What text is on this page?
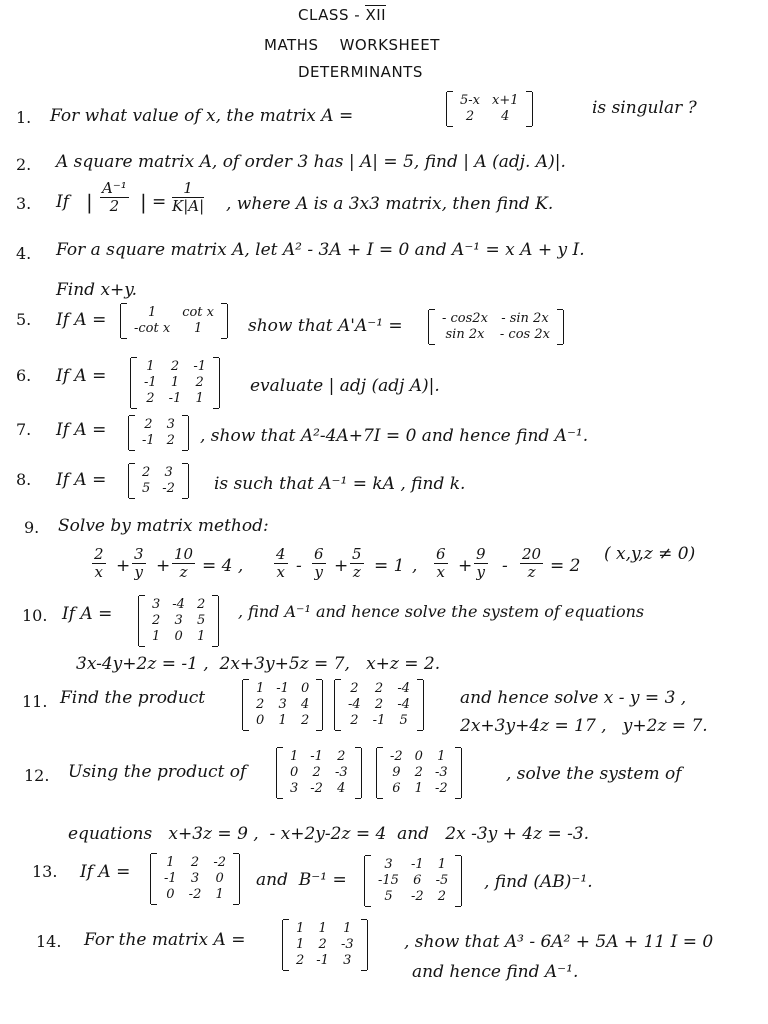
CLASS - XII
MATHS    WORKSHEET
DETERMINANTS
1. For what value of x, the matrix A =
5-x	x+1
2	4	is singular ?
2. A square matrix A, of order 3 has | A| = 5, find | A (adj. A)|.
3. If |
A⁻¹
2	| =
1
K|A| , where A is a 3x3 matrix, then find K.
4. For a square matrix A, let A² - 3A + I = 0 and A⁻¹ = x A + y I.
Find x+y.
5. If A =	1	cot x
-cot x	1	show that A'A⁻¹ =	- cos2x	- sin 2x
sin 2x	- cos 2x
6. If A =	1	2	-1
-1	1	2
2	-1	1
evaluate | adj (adj A)|.
7. If A =	2	3
-1	2 , show that A²-4A+7I = 0 and hence find A⁻¹.
8. If A =	2	3
5	-2 is such that A⁻¹ = kA , find k.
9. Solve by matrix method:
2
x +
3
y +
10
z = 4 ,
4
x -
6
y +
5
z = 1 ,
6
x +
9
y -
20
z = 2
( x,y,z ≠ 0)
10. If A =	3	-4	2
2	3	5
1	0	1
, find A⁻¹ and hence solve the system of equations
3x-4y+2z = -1 ,  2x+3y+5z = 7,   x+z = 2.
11. Find the product	1	-1	0
2	3	4
0	1	2
2	2	-4
-4	2	-4
2	-1	5
and hence solve x - y = 3 ,
2x+3y+4z = 17 ,   y+2z = 7.
12. Using the product of
1	-1	2
0	2	-3
3	-2	4
-2	0	1
9	2	-3
6	1	-2
, solve the system of
equations   x+3z = 9 ,  - x+2y-2z = 4  and   2x -3y + 4z = -3.
13. If A =	1	2	-2
-1	3	0
0	-2	1
and  B⁻¹ =
3	-1	1
-15	6	-5
5	-2	2
, find (AB)⁻¹.
14. For the matrix A =
1	1	1
1	2	-3
2	-1	3
, show that A³ - 6A² + 5A + 11 I = 0
and hence find A⁻¹.
